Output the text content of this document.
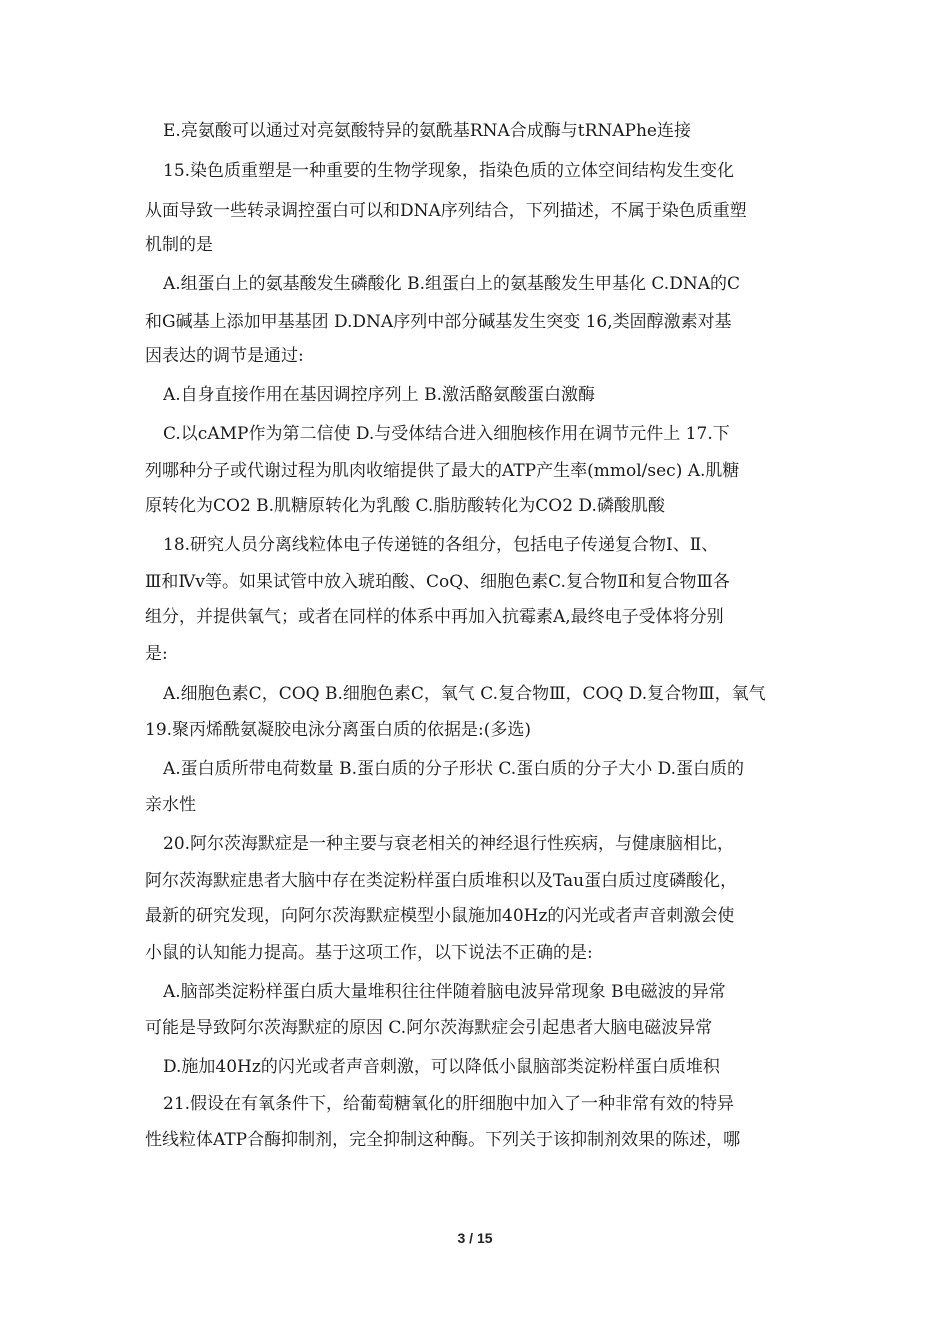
E.亮氨酸可以通过对亮氨酸特异的氨酰基RNA合成酶与tRNAPhe连接
15.染色质重塑是一种重要的生物学现象，指染色质的立体空间结构发生变化
从面导致一些转录调控蛋白可以和DNA序列结合，下列描述，不属于染色质重塑
机制的是
A.组蛋白上的氨基酸发生磷酸化 B.组蛋白上的氨基酸发生甲基化 C.DNA的C
和G碱基上添加甲基基团 D.DNA序列中部分碱基发生突变 16,类固醇激素对基
因表达的调节是通过:
A.自身直接作用在基因调控序列上 B.激活酪氨酸蛋白激酶
C.以cAMP作为第二信使 D.与受体结合进入细胞核作用在调节元件上 17.下
列哪种分子或代谢过程为肌肉收缩提供了最大的ATP产生率(mmol/sec) A.肌糖
原转化为CO2 B.肌糖原转化为乳酸 C.脂肪酸转化为CO2 D.磷酸肌酸
18.研究人员分离线粒体电子传递链的各组分，包括电子传递复合物Ⅰ、Ⅱ、
Ⅲ和Ⅳv等。如果试管中放入琥珀酸、CoQ、细胞色素C.复合物Ⅱ和复合物Ⅲ各
组分，并提供氧气；或者在同样的体系中再加入抗霉素A,最终电子受体将分别
是:
A.细胞色素C，COQ B.细胞色素C，氧气 C.复合物Ⅲ，COQ D.复合物Ⅲ，氧气
19.聚丙烯酰氨凝胶电泳分离蛋白质的依据是:(多选)
A.蛋白质所带电荷数量 B.蛋白质的分子形状 C.蛋白质的分子大小 D.蛋白质的
亲水性
20.阿尔茨海默症是一种主要与衰老相关的神经退行性疾病，与健康脑相比，
阿尔茨海默症患者大脑中存在类淀粉样蛋白质堆积以及Tau蛋白质过度磷酸化，
最新的研究发现，向阿尔茨海默症模型小鼠施加40Hz的闪光或者声音刺激会使
小鼠的认知能力提高。基于这项工作，以下说法不正确的是:
A.脑部类淀粉样蛋白质大量堆积往往伴随着脑电波异常现象 B电磁波的异常
可能是导致阿尔茨海默症的原因 C.阿尔茨海默症会引起患者大脑电磁波异常
D.施加40Hz的闪光或者声音刺激，可以降低小鼠脑部类淀粉样蛋白质堆积
21.假设在有氧条件下，给葡萄糖氧化的肝细胞中加入了一种非常有效的特异
性线粒体ATP合酶抑制剂，完全抑制这种酶。下列关于该抑制剂效果的陈述，哪
3 / 15
